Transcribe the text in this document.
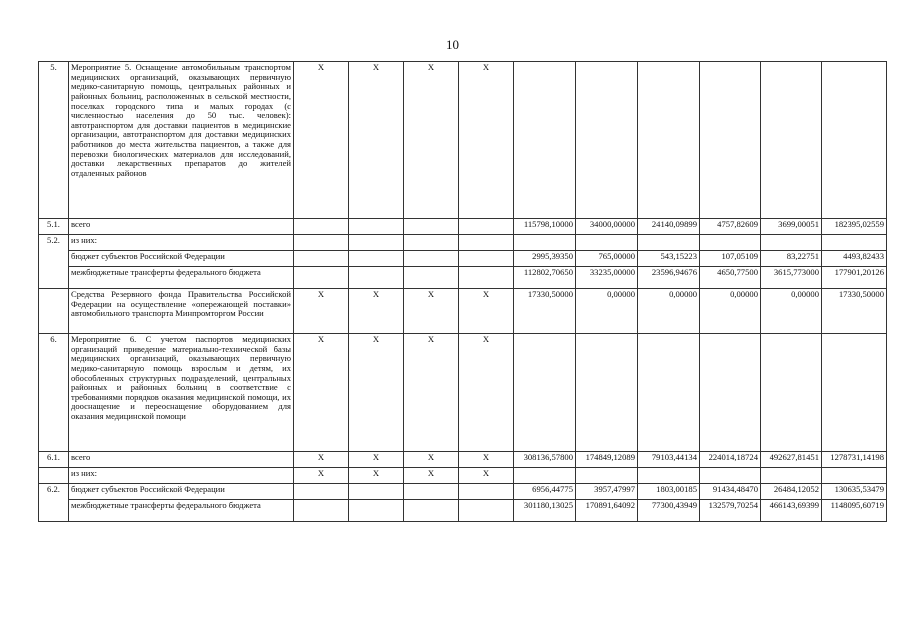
10
5.	Мероприятие 5. Оснащение автомобильным транспортом медицинских организаций, оказывающих первичную медико-санитарную помощь, центральных районных и районных больниц, расположенных в сельской местности, поселках городского типа и малых городах (с численностью населения до 50 тыс. человек): автотранспортом для доставки пациентов в медицинские организации, автотранспортом для доставки медицинских работников до места жительства пациентов, а также для перевозки биологических материалов для исследований, доставки лекарственных препаратов до жителей отдаленных районов	X	X	X	X						
5.1.	всего					115798,10000	34000,00000	24140,09899	4757,82609	3699,00051	182395,02559
5.2.	из них:										
	бюджет субъектов Российской Федерации					2995,39350	765,00000	543,15223	107,05109	83,22751	4493,82433
	межбюджетные трансферты федерального бюджета					112802,70650	33235,00000	23596,94676	4650,77500	3615,773000	177901,20126
	Средства Резервного фонда Правительства Российской Федерации на осуществление «опережающей поставки» автомобильного транспорта Минпромторгом России	X	X	X	X	17330,50000	0,00000	0,00000	0,00000	0,00000	17330,50000
6.	Мероприятие 6. С учетом паспортов медицинских организаций приведение материально-технической базы медицинских организаций, оказывающих первичную медико-санитарную помощь взрослым и детям, их обособленных структурных подразделений, центральных районных и районных больниц в соответствие с требованиями порядков оказания медицинской помощи, их дооснащение и переоснащение оборудованием для оказания медицинской помощи	X	X	X	X						
6.1.	всего	X	X	X	X	308136,57800	174849,12089	79103,44134	224014,18724	492627,81451	1278731,14198
	из них:	X	X	X	X						
6.2.	бюджет субъектов Российской Федерации					6956,44775	3957,47997	1803,00185	91434,48470	26484,12052	130635,53479
	межбюджетные трансферты федерального бюджета					301180,13025	170891,64092	77300,43949	132579,70254	466143,69399	1148095,60719
